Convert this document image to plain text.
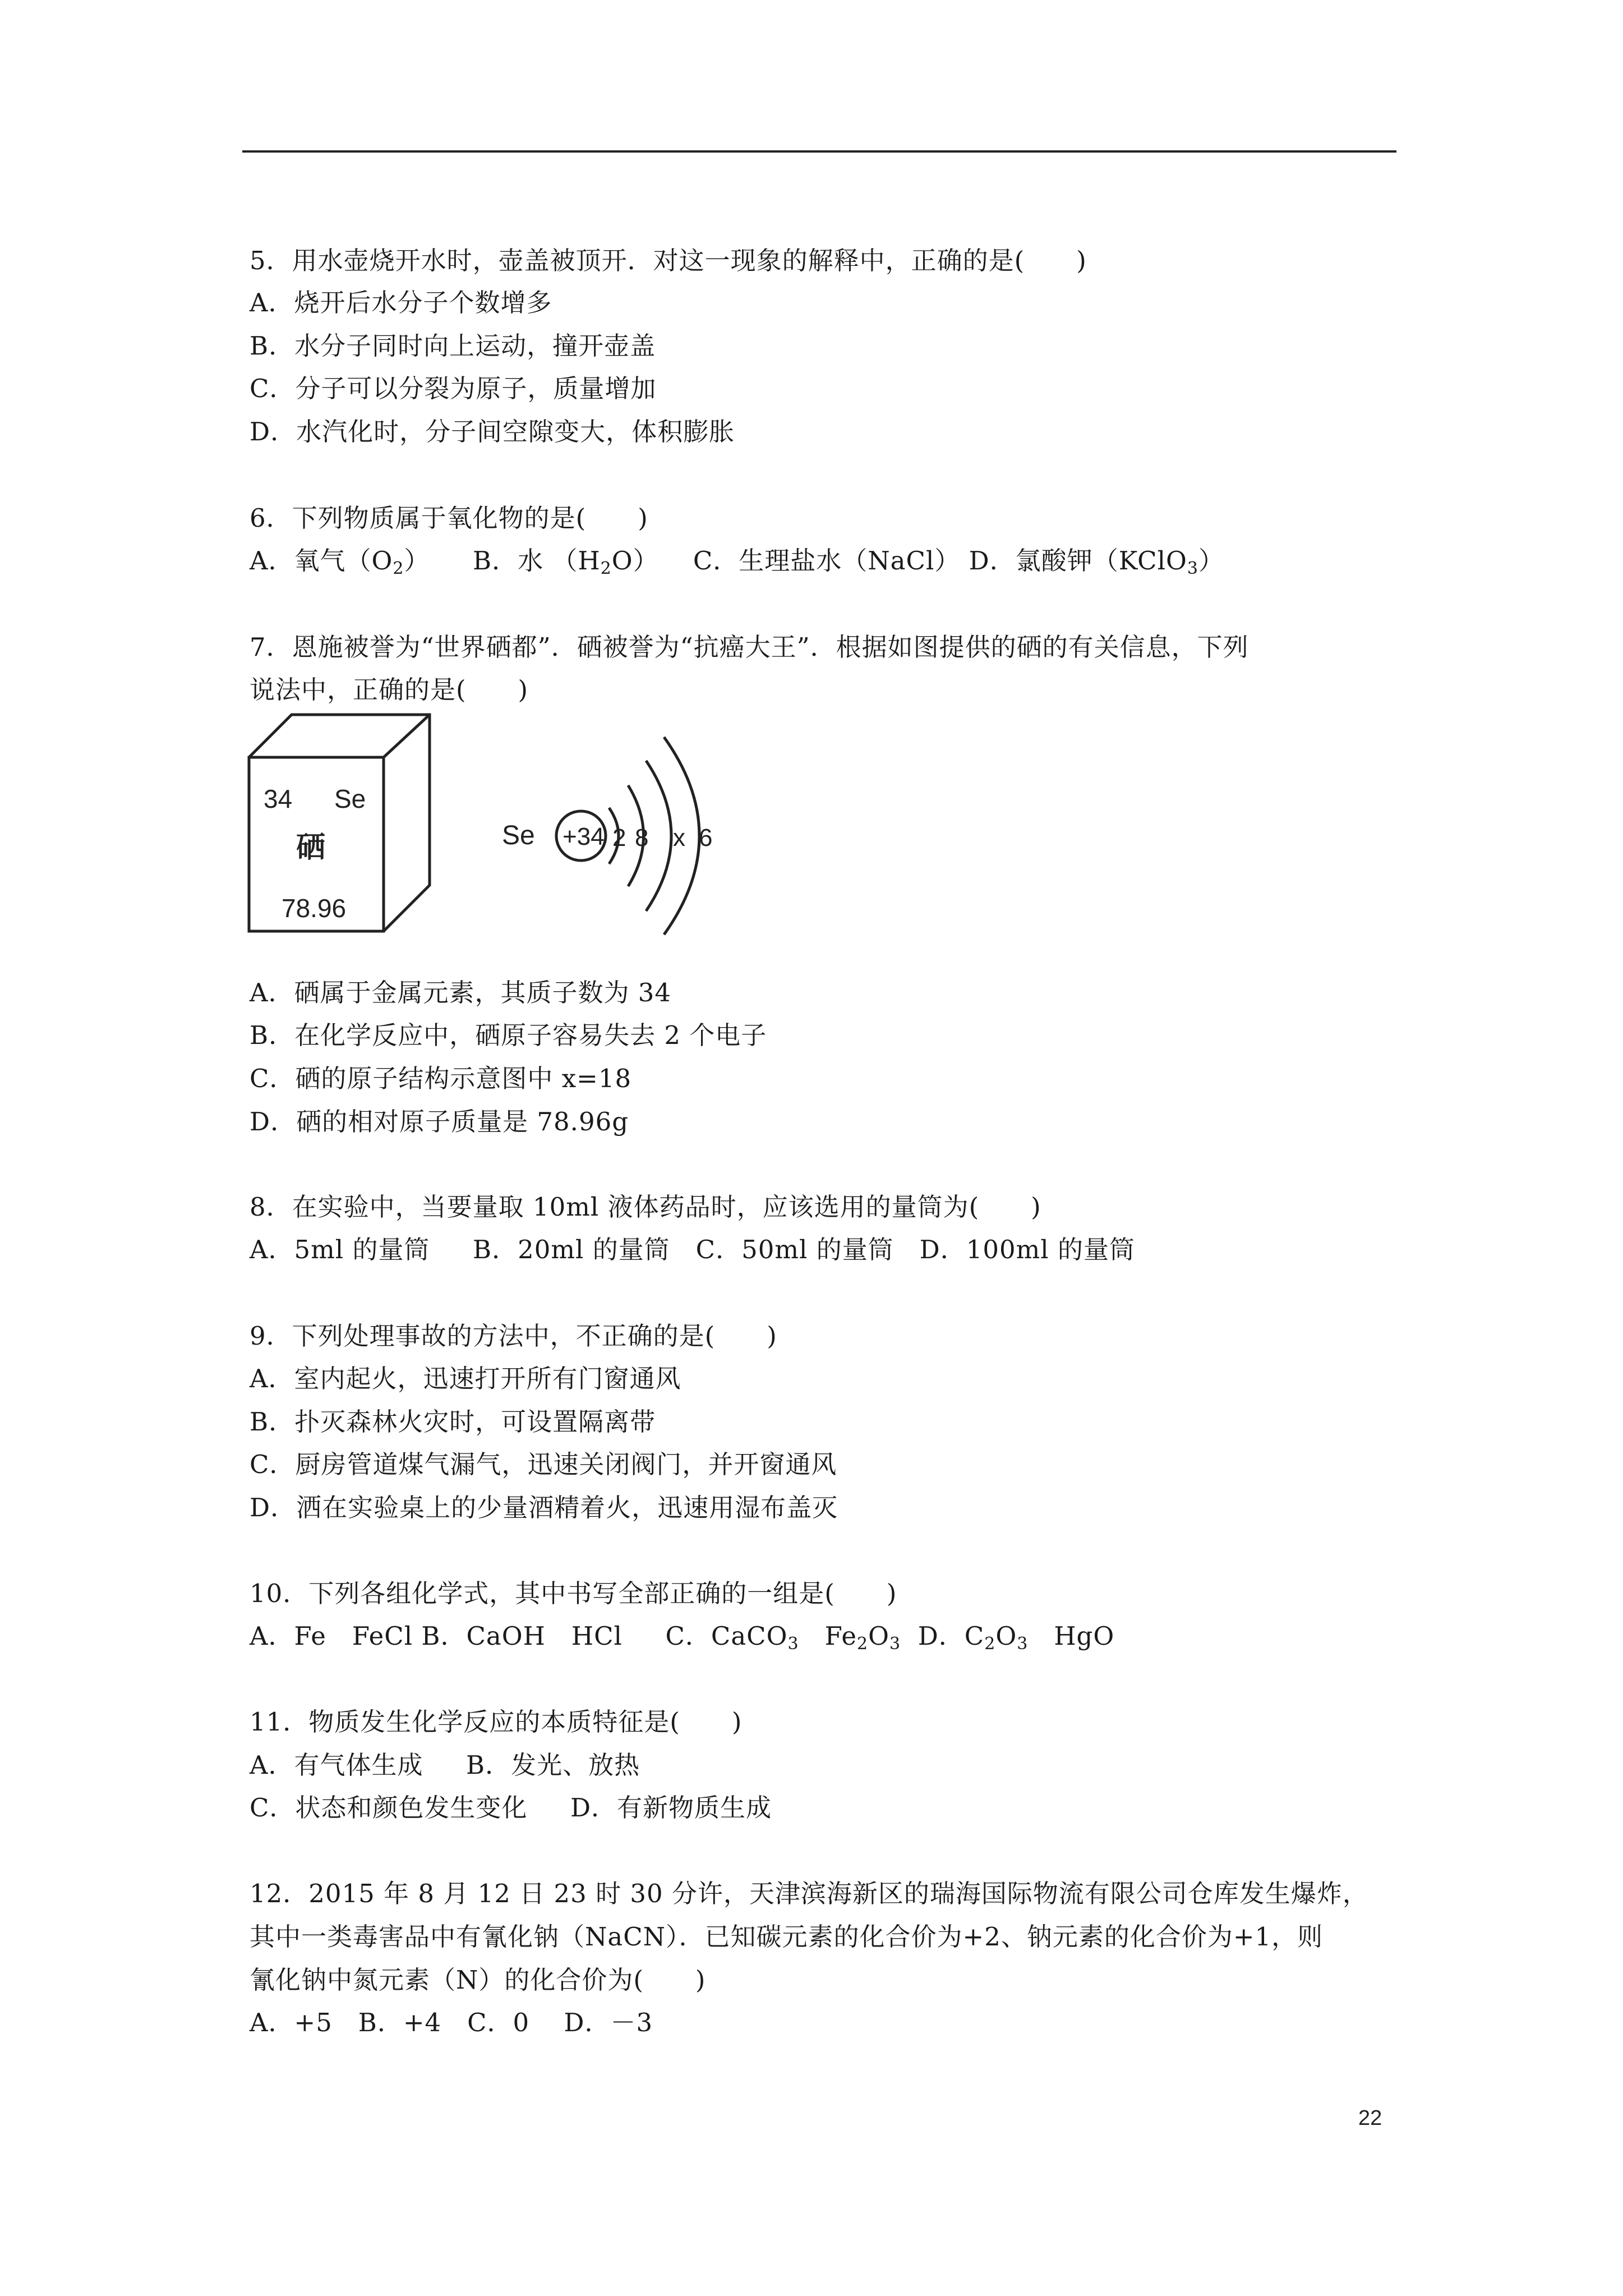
5．用水壶烧开水时，壶盖被顶开．对这一现象的解释中，正确的是(　　)
A．烧开后水分子个数增多
B．水分子同时向上运动，撞开壶盖
C．分子可以分裂为原子，质量增加
D．水汽化时，分子间空隙变大，体积膨胀
6．下列物质属于氧化物的是(　　)
A．氧气$(O_2)$ B．水 $(H_2O)$ C．生理盐水（NaCl） D．氯酸钾（KClO$_3$）
7．恩施被誉为“世界硒都”．硒被誉为“抗癌大王”．根据如图提供的硒的有关信息，下列
说法中，正确的是(　　)
34 Se
硒
78.96
Se +34 2 8 x 6
A．硒属于金属元素，其质子数为 34
B．在化学反应中，硒原子容易失去 2 个电子
C．硒的原子结构示意图中 x=18
D．硒的相对原子质量是 78.96g
8．在实验中，当要量取 10ml 液体药品时，应该选用的量筒为(　　)
A．5ml 的量筒 B．20ml 的量筒 C．50ml 的量筒 D．100ml 的量筒
9．下列处理事故的方法中，不正确的是(　　)
A．室内起火，迅速打开所有门窗通风
B．扑灭森林火灾时，可设置隔离带
C．厨房管道煤气漏气，迅速关闭阀门，并开窗通风
D．洒在实验桌上的少量酒精着火，迅速用湿布盖灭
10．下列各组化学式，其中书写全部正确的一组是(　　)
A．Fe　FeCl B．CaOH　HCl C．CaCO$_3$　$Fe_2O_3$ D．$C_2O_3$　HgO
11．物质发生化学反应的本质特征是(　　)
A．有气体生成 B．发光、放热
C．状态和颜色发生变化 D．有新物质生成
12．2015 年 8 月 12 日 23 时 30 分许，天津滨海新区的瑞海国际物流有限公司仓库发生爆炸，
其中一类毒害品中有氰化钠（NaCN）．已知碳元素的化合价为+2、钠元素的化合价为+1，则
氰化钠中氮元素（N）的化合价为(　　)
A．+5 B．+4 C．0 D．－3
22
